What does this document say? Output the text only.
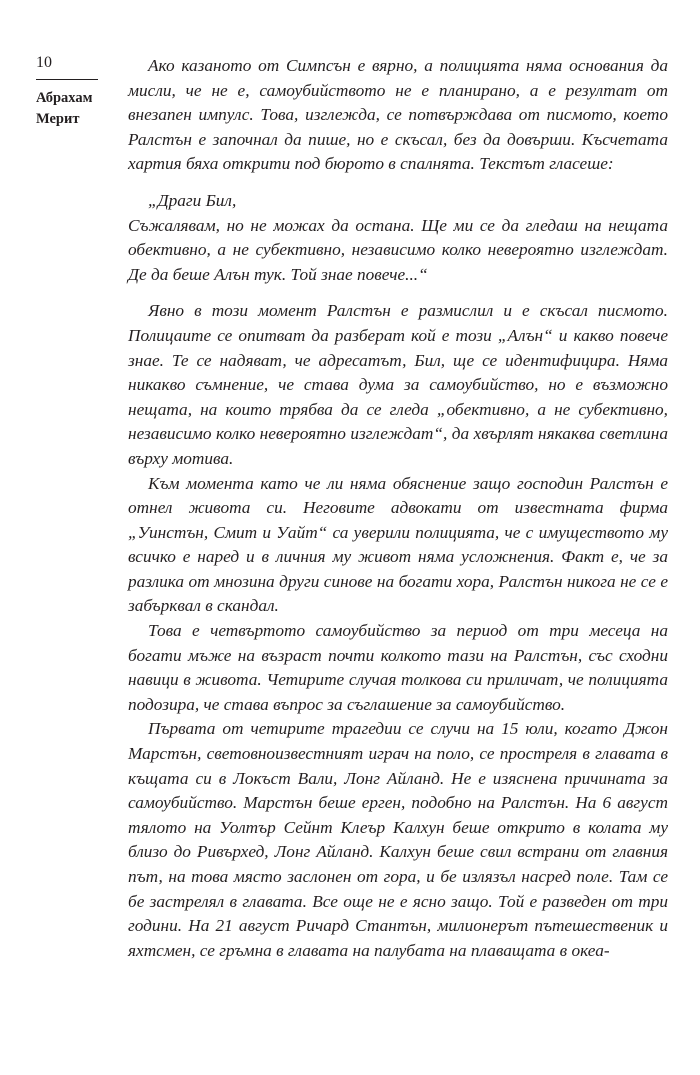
10
Абрахам
Мерит

Ако казаното от Симпсън е вярно, а полицията няма основания да мисли, че не е, самоубийството не е планирано, а е резултат от внезапен импулс. Това, изглежда, се потвърждава от писмото, което Ралстън е започнал да пише, но е скъсал, без да довърши. Късчетата хартия бяха открити под бюрото в спалнята. Текстът гласеше:

„Драги Бил,
Съжалявам, но не можах да остана. Ще ми се да гледаш на нещата обективно, а не субективно, независимо колко невероятно изглеждат. Де да беше Алън тук. Той знае повече...“

Явно в този момент Ралстън е размислил и е скъсал писмото. Полицаите се опитват да разберат кой е този „Алън“ и какво повече знае. Те се надяват, че адресатът, Бил, ще се идентифицира. Няма никакво съмнение, че става дума за самоубийство, но е възможно нещата, на които трябва да се гледа „обективно, а не субективно, независимо колко невероятно изглеждат“, да хвърлят някаква светлина върху мотива.

Към момента като че ли няма обяснение защо господин Ралстън е отнел живота си. Неговите адвокати от известната фирма „Уинстън, Смит и Уайт“ са уверили полицията, че с имуществото му всичко е наред и в личния му живот няма усложнения. Факт е, че за разлика от мнозина други синове на богати хора, Ралстън никога не се е забърквал в скандал.

Това е четвъртото самоубийство за период от три месеца на богати мъже на възраст почти колкото тази на Ралстън, със сходни навици в живота. Четирите случая толкова си приличат, че полицията подозира, че става въпрос за съглашение за самоубийство.

Първата от четирите трагедии се случи на 15 юли, когато Джон Марстън, световноизвестният играч на поло, се простреля в главата в къщата си в Локъст Вали, Лонг Айланд. Не е изяснена причината за самоубийство. Марстън беше ерген, подобно на Ралстън. На 6 август тялото на Уолтър Сейнт Клеър Калхун беше открито в колата му близо до Ривърхед, Лонг Айланд. Калхун беше свил встрани от главния път, на това място заслонен от гора, и бе излязъл насред поле. Там се бе застрелял в главата. Все още не е ясно защо. Той е разведен от три години. На 21 август Ричард Стантън, милионерът пътешественик и яхтсмен, се гръмна в главата на палубата на плаващата в океа-
